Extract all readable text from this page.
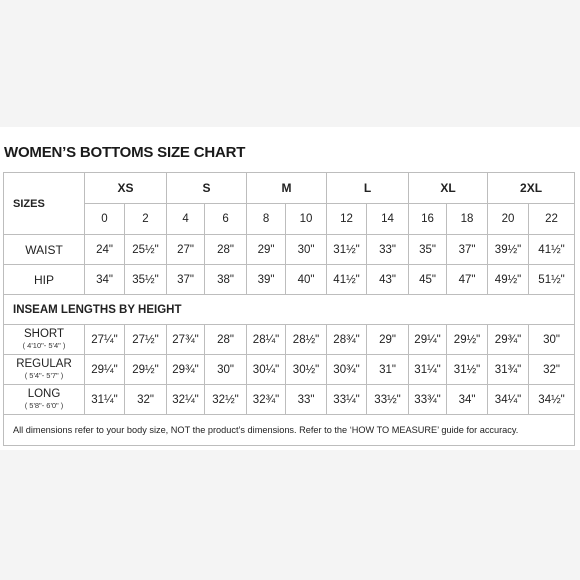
WOMEN’S BOTTOMS SIZE CHART
SIZES	XS		S		M		L		XL		2XL	
	0	2	4	6	8	10	12	14	16	18	20	22
WAIST	24"	25½"	27"	28"	29"	30"	31½"	33"	35"	37"	39½"	41½"
HIP	34"	35½"	37"	38"	39"	40"	41½"	43"	45"	47"	49½"	51½"
INSEAM LENGTHS BY HEIGHT												

SHORT
( 4'10"- 5'4" )	27¼"	27½"	27¾"	28"	28¼"	28½"	28¾"	29"	29¼"	29½"	29¾"	30"

REGULAR
( 5'4"- 5'7" )	29¼"	29½"	29¾"	30"	30¼"	30½"	30¾"	31"	31¼"	31½"	31¾"	32"

LONG
( 5'8"- 6'0" )	31¼"	32"	32¼"	32½"	32¾"	33"	33¼"	33½"	33¾"	34"	34¼"	34½"
All dimensions refer to your body size, NOT the product’s dimensions. Refer to the ‘HOW TO MEASURE’ guide for accuracy.												
